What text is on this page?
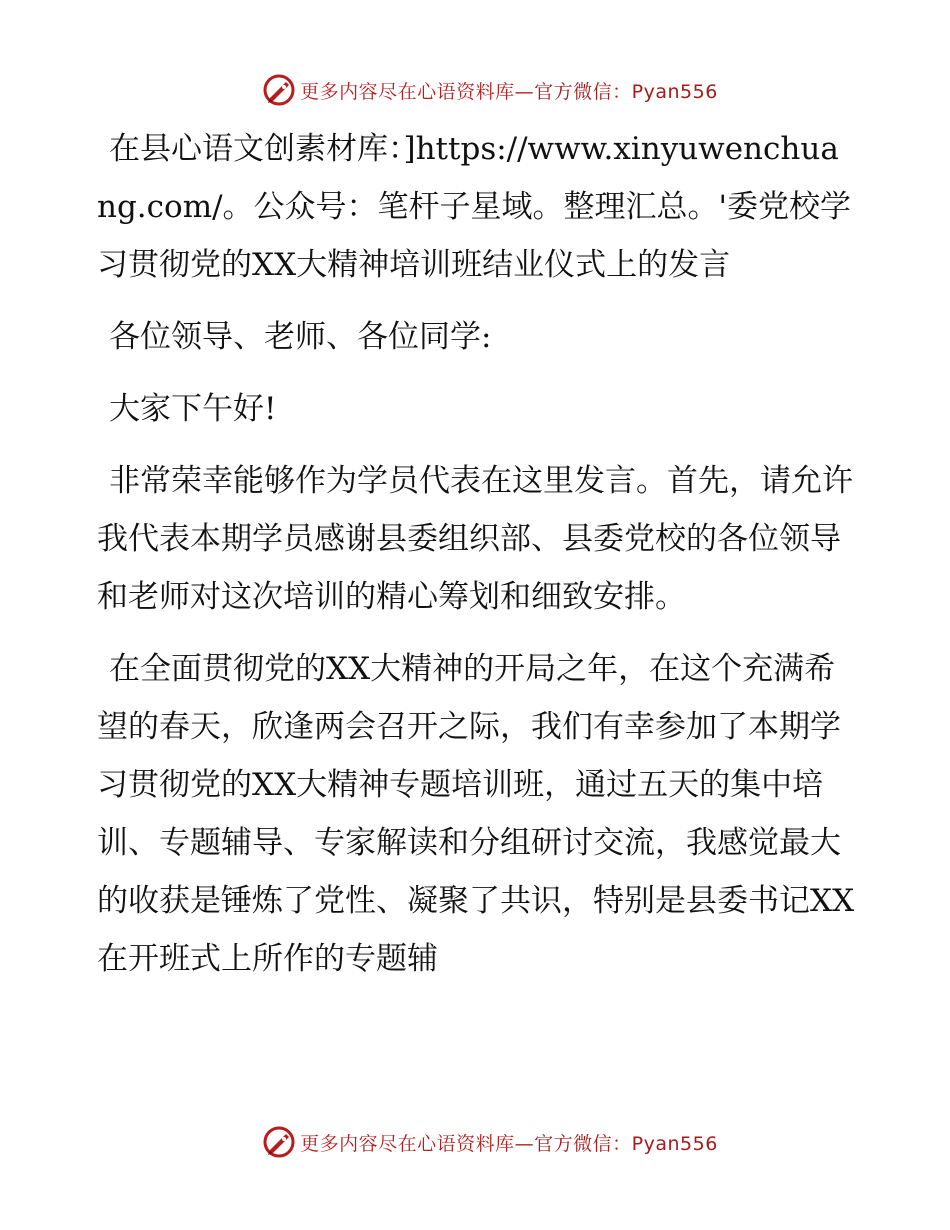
更多内容尽在心语资料库—官方微信：Pyan556

在县心语文创素材库：]https://www.xinyuwenchuang.com/。公众号：笔杆子星域。整理汇总。'委党校学习贯彻党的XX大精神培训班结业仪式上的发言

各位领导、老师、各位同学:

大家下午好!

非常荣幸能够作为学员代表在这里发言。首先，请允许我代表本期学员感谢县委组织部、县委党校的各位领导和老师对这次培训的精心筹划和细致安排。

在全面贯彻党的XX大精神的开局之年，在这个充满希望的春天，欣逢两会召开之际，我们有幸参加了本期学习贯彻党的XX大精神专题培训班，通过五天的集中培训、专题辅导、专家解读和分组研讨交流，我感觉最大的收获是锤炼了党性、凝聚了共识，特别是县委书记XX在开班式上所作的专题辅

更多内容尽在心语资料库—官方微信：Pyan556
